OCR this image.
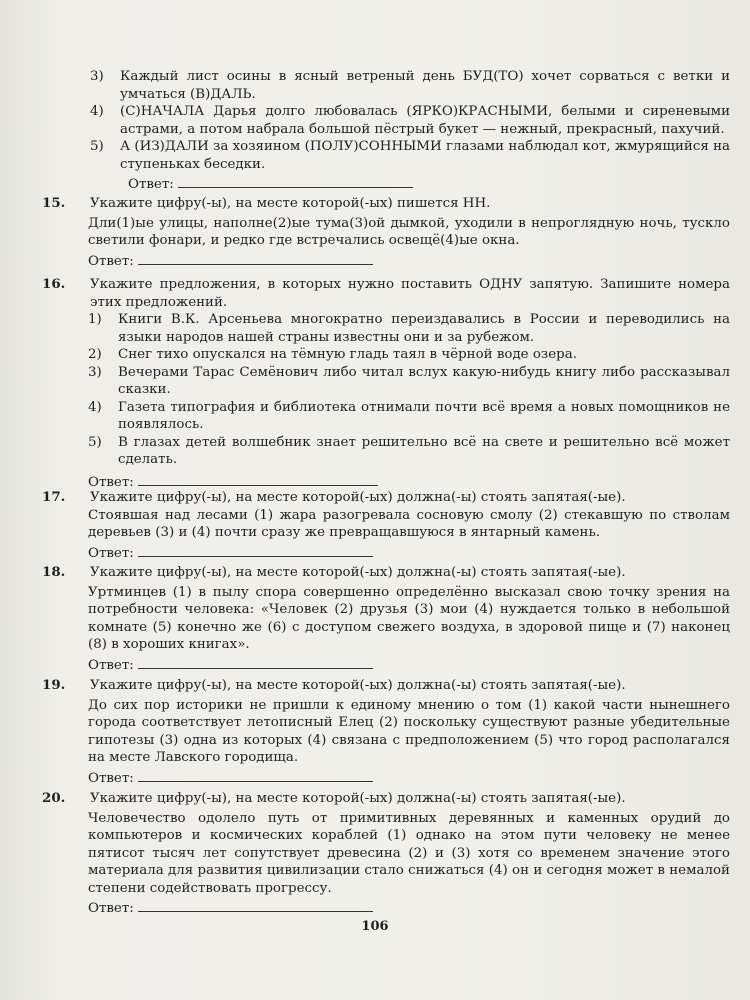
3)	Каждый лист осины в ясный ветреный день БУД(ТО) хочет сорваться с ветки и умчаться (В)ДАЛЬ.
4)	(С)НАЧАЛА Дарья долго любовалась (ЯРКО)КРАСНЫМИ, белыми и сиреневыми астрами, а потом набрала большой пёстрый букет — нежный, прекрасный, пахучий.
5)	А (ИЗ)ДАЛИ за хозяином (ПОЛУ)СОННЫМИ глазами наблюдал кот, жмурящийся на ступеньках беседки.
Ответ:
15.	Укажите цифру(-ы), на месте которой(-ых) пишется НН.
Дли(1)ые улицы, наполне(2)ые тума(3)ой дымкой, уходили в непроглядную ночь, тускло светили фонари, и редко где встречались освещё(4)ые окна.
Ответ:
16.	Укажите предложения, в которых нужно поставить ОДНУ запятую. Запишите номера этих предложений.
1)	Книги В.К. Арсеньева многократно переиздавались в России и переводились на языки народов нашей страны известны они и за рубежом.
2)	Снег тихо опускался на тёмную гладь таял в чёрной воде озера.
3)	Вечерами Тарас Семёнович либо читал вслух какую-нибудь книгу либо рассказывал сказки.
4)	Газета типография и библиотека отнимали почти всё время а новых помощников не появлялось.
5)	В глазах детей волшебник знает решительно всё на свете и решительно всё может сделать.
Ответ:
17.	Укажите цифру(-ы), на месте которой(-ых) должна(-ы) стоять запятая(-ые).
Стоявшая над лесами (1) жара разогревала сосновую смолу (2) стекавшую по стволам деревьев (3) и (4) почти сразу же превращавшуюся в янтарный камень.
Ответ:
18.	Укажите цифру(-ы), на месте которой(-ых) должна(-ы) стоять запятая(-ые).
Уртминцев (1) в пылу спора совершенно определённо высказал свою точку зрения на потребности человека: «Человек (2) друзья (3) мои (4) нуждается только в небольшой комнате (5) конечно же (6) с доступом свежего воздуха, в здоровой пище и (7) наконец (8) в хороших книгах».
Ответ:
19.	Укажите цифру(-ы), на месте которой(-ых) должна(-ы) стоять запятая(-ые).
До сих пор историки не пришли к единому мнению о том (1) какой части нынешнего города соответствует летописный Елец (2) поскольку существуют разные убедительные гипотезы (3) одна из которых (4) связана с предположением (5) что город располагался на месте Лавского городища.
Ответ:
20.	Укажите цифру(-ы), на месте которой(-ых) должна(-ы) стоять запятая(-ые).
Человечество одолело путь от примитивных деревянных и каменных орудий до компьютеров и космических кораблей (1) однако на этом пути человеку не менее пятисот тысяч лет сопутствует древесина (2) и (3) хотя со временем значение этого материала для развития цивилизации стало снижаться (4) он и сегодня может в немалой степени содействовать прогрессу.
Ответ:
106
